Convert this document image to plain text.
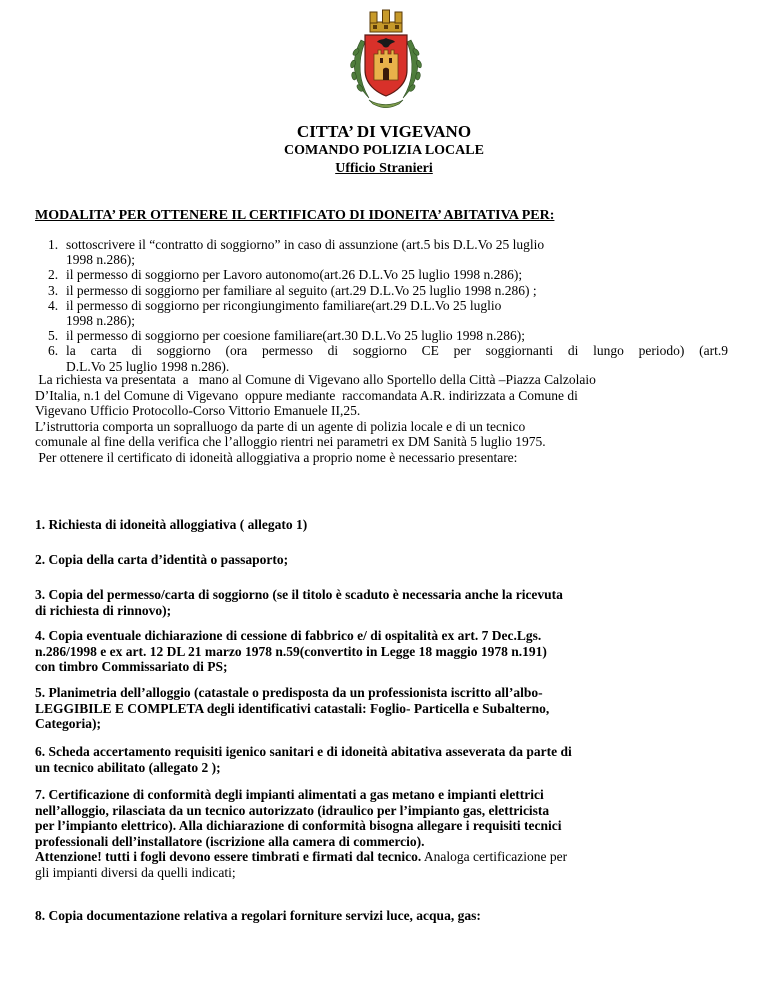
CITTA’ DI VIGEVANO
COMANDO POLIZIA LOCALE
Ufficio Stranieri
MODALITA’ PER OTTENERE IL CERTIFICATO DI IDONEITA’ ABITATIVA PER:
1. sottoscrivere il “contratto di soggiorno” in caso di assunzione (art.5 bis D.L.Vo 25 luglio
1998 n.286);
2. il permesso di soggiorno per Lavoro autonomo(art.26 D.L.Vo 25 luglio 1998 n.286);
3. il permesso di soggiorno per familiare al seguito (art.29 D.L.Vo 25 luglio 1998 n.286) ;
4. il permesso di soggiorno per ricongiungimento familiare(art.29 D.L.Vo 25 luglio
1998 n.286);
5. il permesso di soggiorno per coesione familiare(art.30 D.L.Vo 25 luglio 1998 n.286);
6. la carta di soggiorno (ora permesso di soggiorno CE per soggiornanti di lungo periodo) (art.9
D.L.Vo 25 luglio 1998 n.286).
La richiesta va presentata  a   mano al Comune di Vigevano allo Sportello della Città –Piazza Calzolaio
D’Italia, n.1 del Comune di Vigevano  oppure mediante  raccomandata A.R. indirizzata a Comune di
Vigevano Ufficio Protocollo-Corso Vittorio Emanuele II,25.
L’istruttoria comporta un sopralluogo da parte di un agente di polizia locale e di un tecnico
comunale al fine della verifica che l’alloggio rientri nei parametri ex DM Sanità 5 luglio 1975.
Per ottenere il certificato di idoneità alloggiativa a proprio nome è necessario presentare:
1. Richiesta di idoneità alloggiativa ( allegato 1)
2. Copia della carta d’identità o passaporto;
3. Copia del permesso/carta di soggiorno (se il titolo è scaduto è necessaria anche la ricevuta
di richiesta di rinnovo);
4. Copia eventuale dichiarazione di cessione di fabbrico e/ di ospitalità ex art. 7 Dec.Lgs.
n.286/1998 e ex art. 12 DL 21 marzo 1978 n.59(convertito in Legge 18 maggio 1978 n.191)
con timbro Commissariato di PS;
5. Planimetria dell’alloggio (catastale o predisposta da un professionista iscritto all’albo-
LEGGIBILE E COMPLETA degli identificativi catastali: Foglio- Particella e Subalterno,
Categoria);
6. Scheda accertamento requisiti igenico sanitari e di idoneità abitativa asseverata da parte di
un tecnico abilitato (allegato 2 );
7. Certificazione di conformità degli impianti alimentati a gas metano e impianti elettrici
nell’alloggio, rilasciata da un tecnico autorizzato (idraulico per l’impianto gas, elettricista
per l’impianto elettrico). Alla dichiarazione di conformità bisogna allegare i requisiti tecnici
professionali dell’installatore (iscrizione alla camera di commercio).
Attenzione! tutti i fogli devono essere timbrati e firmati dal tecnico. Analoga certificazione per
gli impianti diversi da quelli indicati;
8. Copia documentazione relativa a regolari forniture servizi luce, acqua, gas:
